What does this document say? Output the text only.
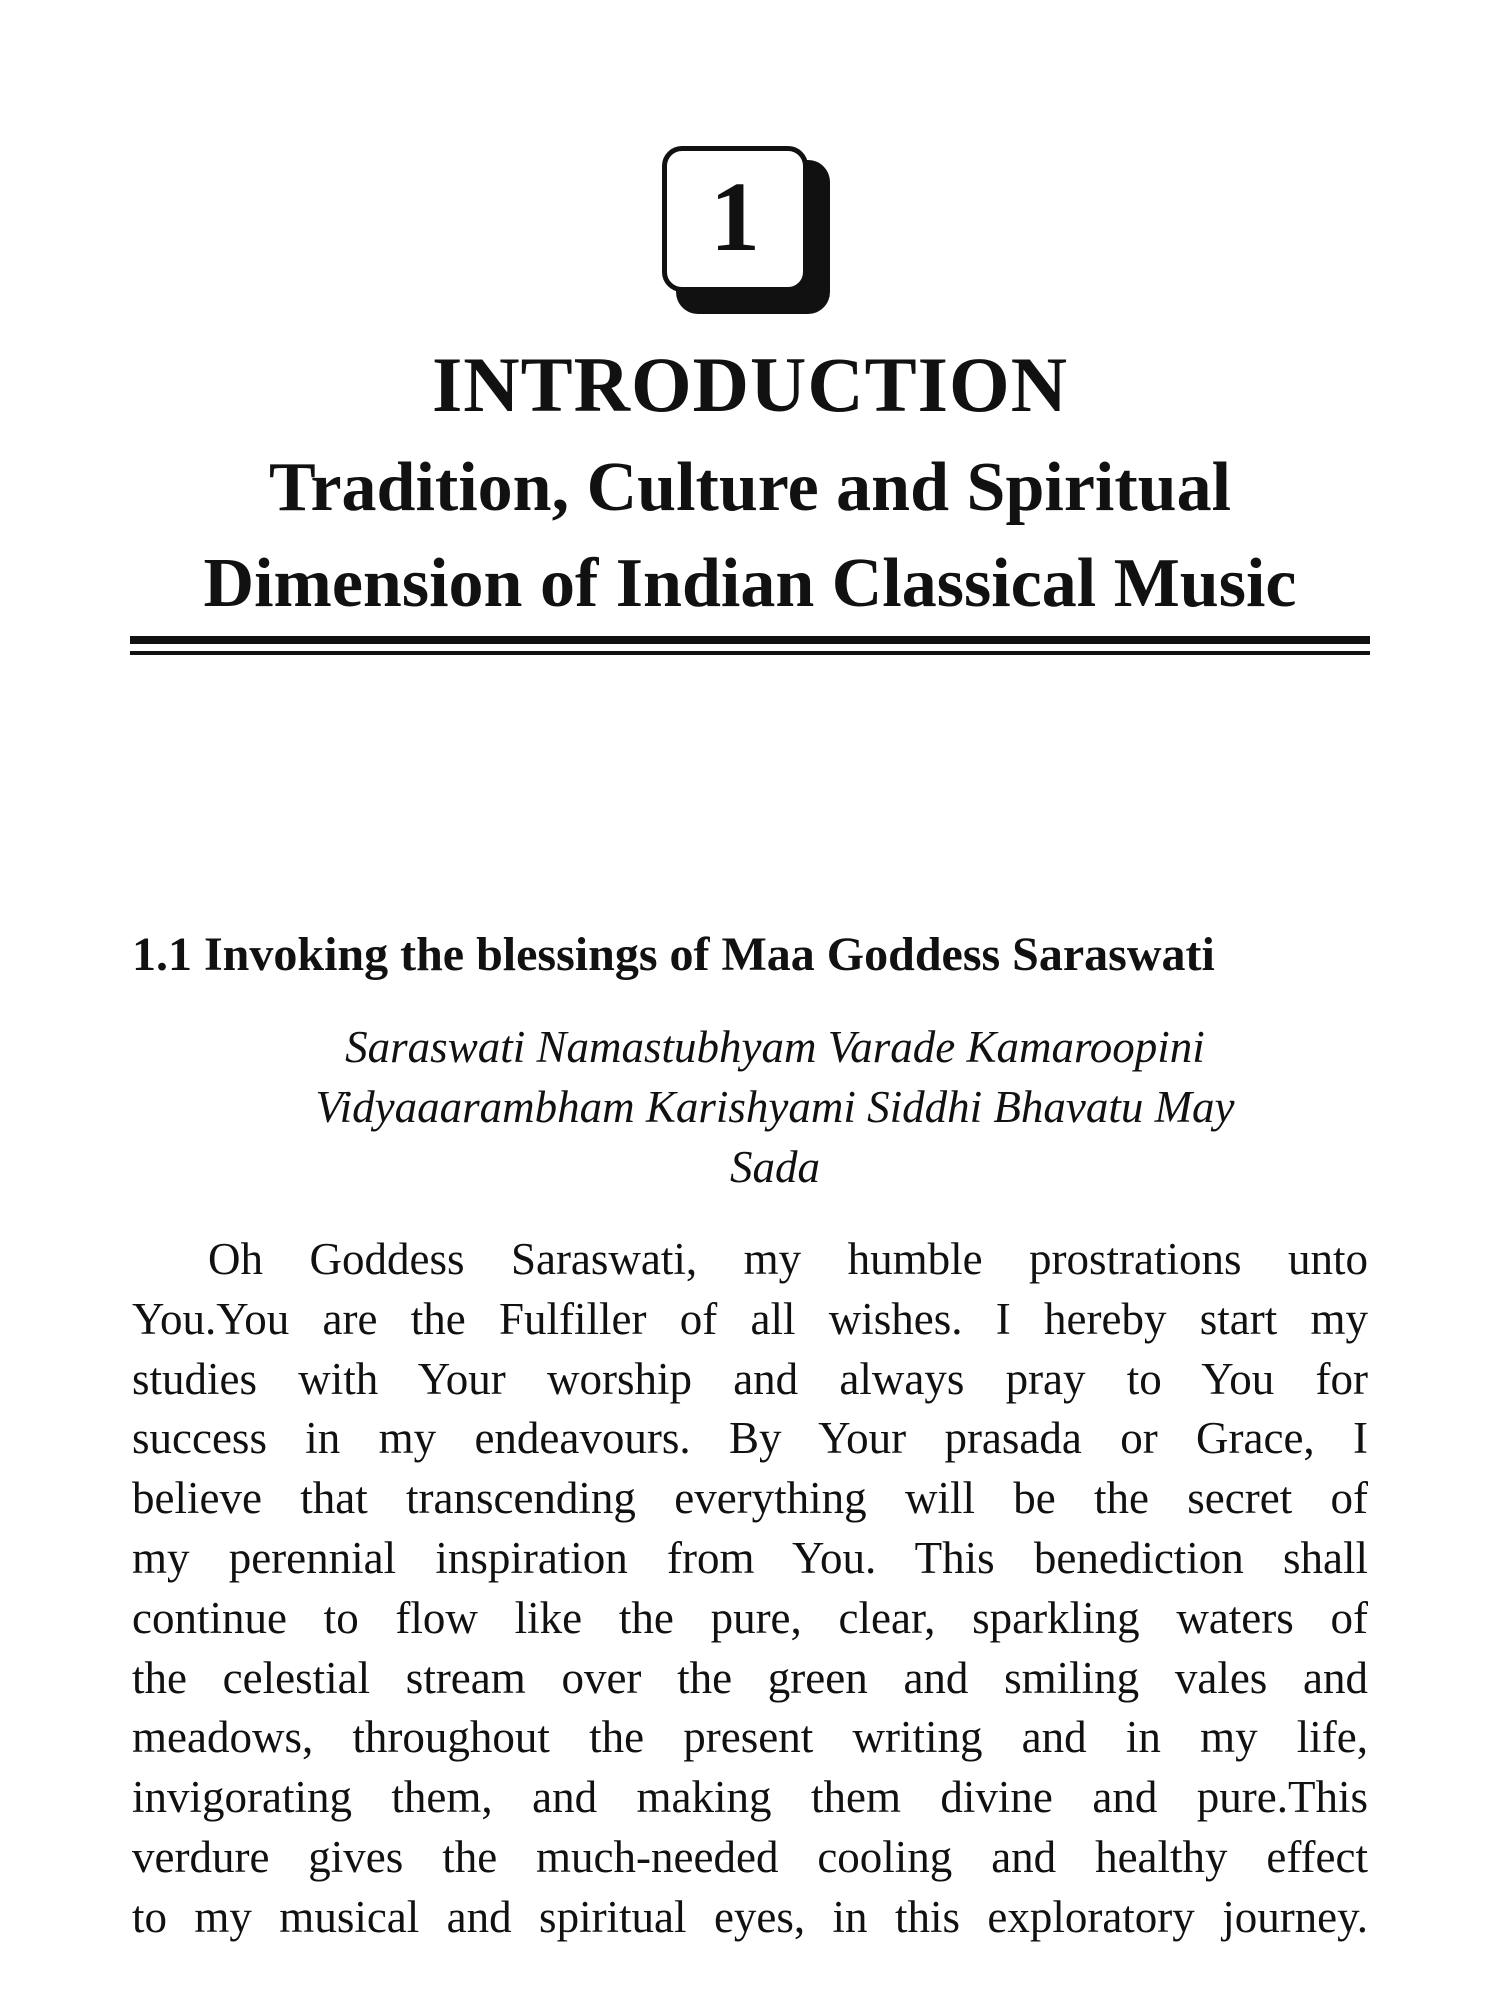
1
INTRODUCTION
Tradition, Culture and Spiritual
Dimension of Indian Classical Music
1.1 Invoking the blessings of Maa Goddess Saraswati
Saraswati Namastubhyam Varade Kamaroopini
Vidyaaarambham Karishyami Siddhi Bhavatu May
Sada
Oh Goddess Saraswati, my humble prostrations unto
You.You are the Fulfiller of all wishes. I hereby start my
studies with Your worship and always pray to You for
success in my endeavours. By Your prasada or Grace, I
believe that transcending everything will be the secret of
my perennial inspiration from You. This benediction shall
continue to flow like the pure, clear, sparkling waters of
the celestial stream over the green and smiling vales and
meadows, throughout the present writing and in my life,
invigorating them, and making them divine and pure.This
verdure gives the much-needed cooling and healthy effect
to my musical and spiritual eyes, in this exploratory journey.
